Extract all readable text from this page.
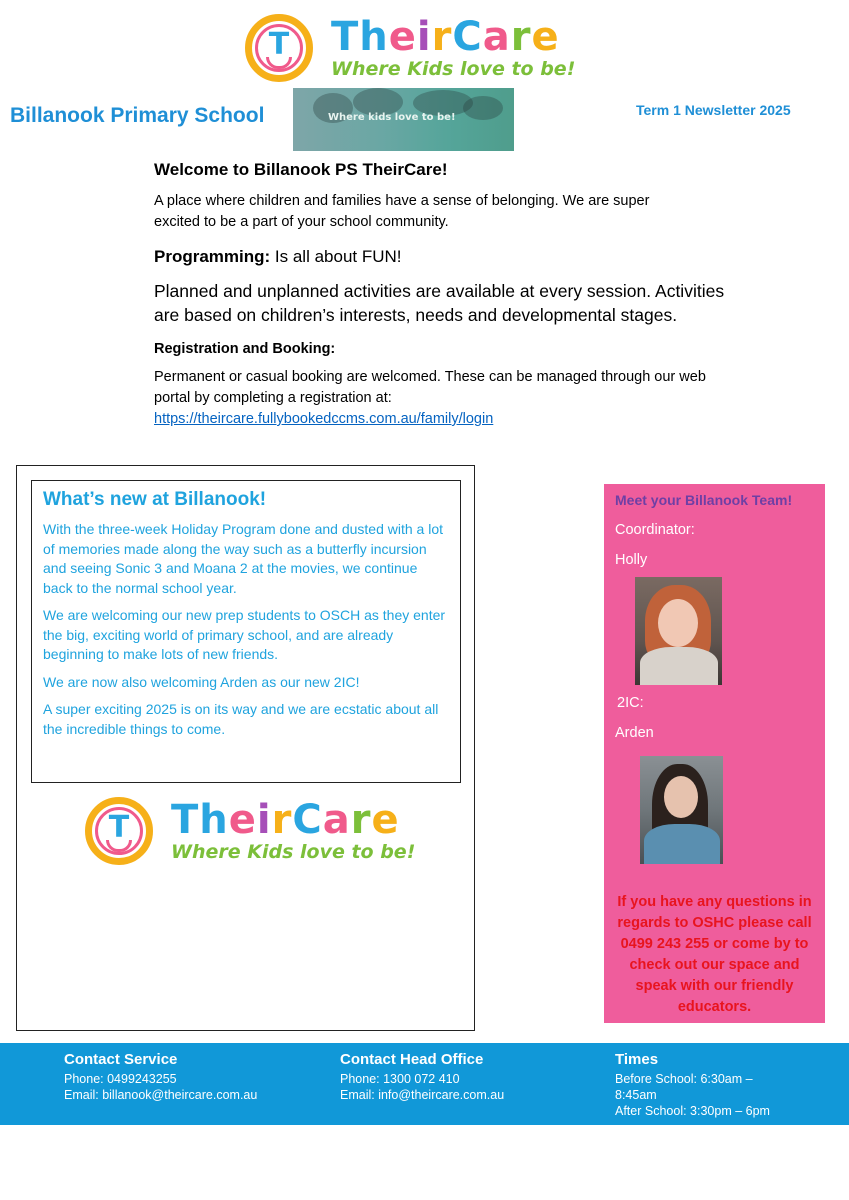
T TheirCare
Where Kids love to be!
Billanook Primary School	Where kids love to be!	Term 1 Newsletter 2025
Welcome to Billanook PS TheirCare!

A place where children and families have a sense of belonging. We are super excited to be a part of your school community.

Programming: Is all about FUN!

Planned and unplanned activities are available at every session. Activities are based on children’s interests, needs and developmental stages.

Registration and Booking:

Permanent or casual booking are welcomed. These can be managed through our web portal by completing a registration at:

https://theircare.fullybookedccms.com.au/family/login
What’s new at Billanook!

With the three-week Holiday Program done and dusted with a lot of memories made along the way such as a butterfly incursion and seeing Sonic 3 and Moana 2 at the movies, we continue back to the normal school year.

We are welcoming our new prep students to OSCH as they enter the big, exciting world of primary school, and are already beginning to make lots of new friends.

We are now also welcoming Arden as our new 2IC!

A super exciting 2025 is on its way and we are ecstatic about all the incredible things to come.

T TheirCare
Where Kids love to be!
Meet your Billanook Team!
Coordinator:
Holly
2IC:
Arden
If you have any questions in regards to OSHC please call 0499 243 255 or come by to check out our space and speak with our friendly educators.
Contact Service
Phone: 0499243255
Email: billanook@theircare.com.au
Contact Head Office
Phone: 1300 072 410
Email: info@theircare.com.au
Times
Before School: 6:30am –
8:45am
After School: 3:30pm – 6pm
